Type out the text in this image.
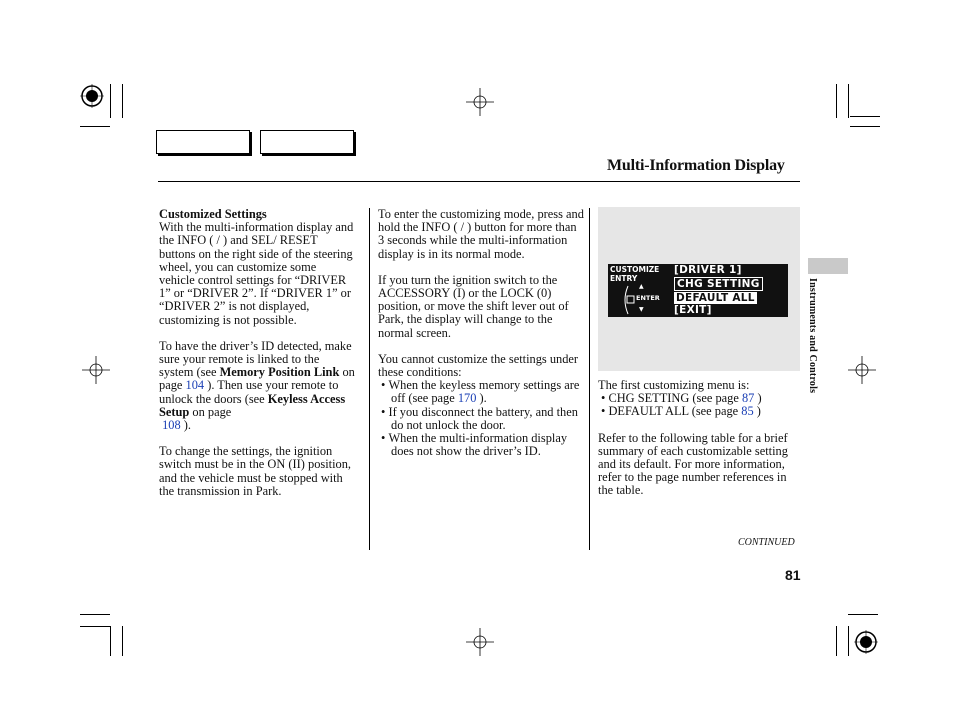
Multi-Information Display
Instruments and Controls

Customized Settings

With the multi-information display and the INFO ( / ) and SEL/ RESET buttons on the right side of the steering wheel, you can customize some vehicle control settings for “DRIVER 1” or “DRIVER 2”. If “DRIVER 1” or “DRIVER 2” is not displayed, customizing is not possible.

To have the driver’s ID detected, make sure your remote is linked to the system (see Memory Position Link on page 104 ). Then use your remote to unlock the doors (see Keyless Access Setup on page
108 ).

To change the settings, the ignition switch must be in the ON (II) position, and the vehicle must be stopped with the transmission in Park.

To enter the customizing mode, press and hold the INFO ( / ) button for more than 3 seconds while the multi-information display is in its normal mode.

If you turn the ignition switch to the ACCESSORY (I) or the LOCK (0) position, or move the shift lever out of Park, the display will change to the normal screen.

You cannot customize the settings under these conditions:

• When the keyless memory settings are off (see page 170 ).

• If you disconnect the battery, and then do not unlock the door.

• When the multi-information display does not show the driver’s ID.

CUSTOMIZE
ENTRY
▲
ENTER
▼
[DRIVER 1]
CHG SETTING
DEFAULT ALL
[EXIT]

The first customizing menu is:

• CHG SETTING (see page 87 )

• DEFAULT ALL (see page 85 )

Refer to the following table for a brief summary of each customizable setting and its default. For more information, refer to the page number references in the table.

CONTINUED
81
